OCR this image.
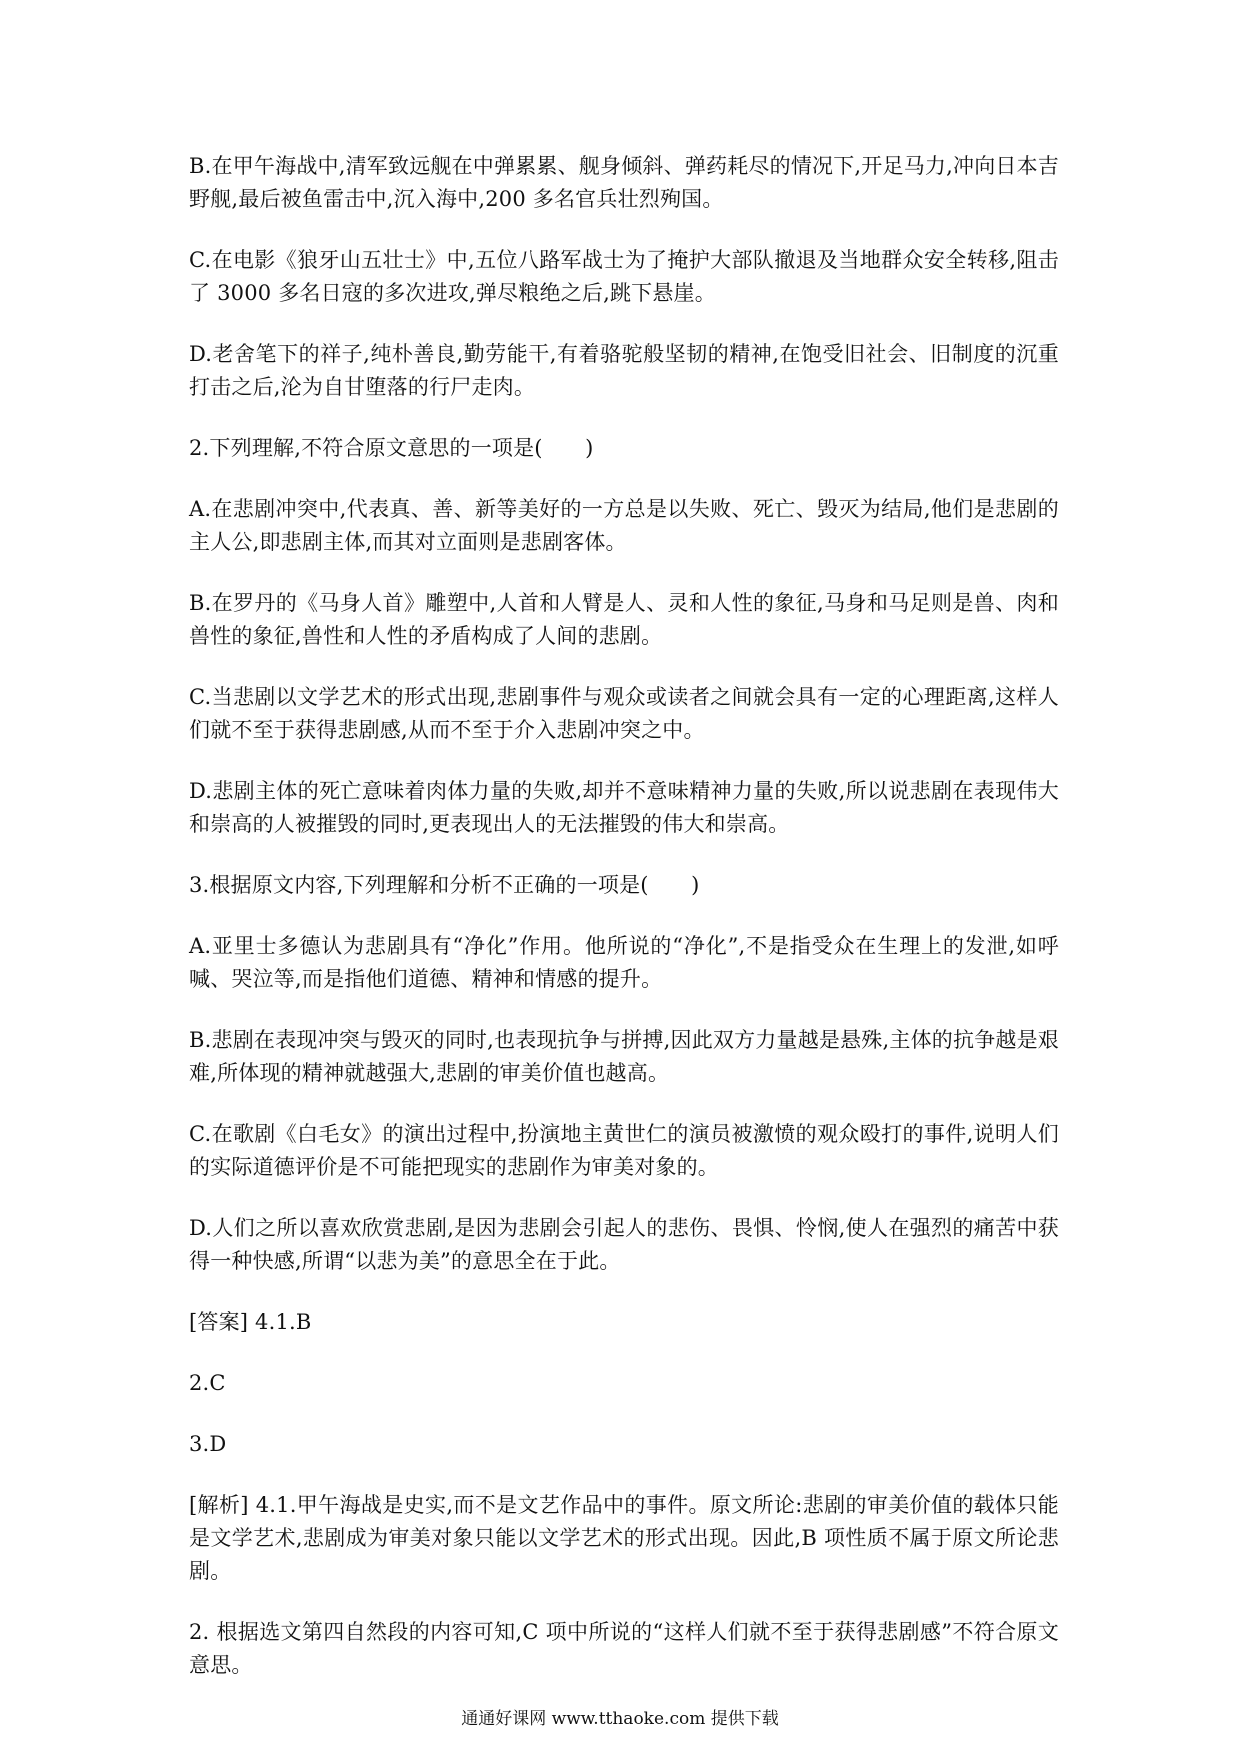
B.在甲午海战中,清军致远舰在中弹累累、舰身倾斜、弹药耗尽的情况下,开足马力,冲向日本吉野舰,最后被鱼雷击中,沉入海中,200 多名官兵壮烈殉国。

C.在电影《狼牙山五壮士》中,五位八路军战士为了掩护大部队撤退及当地群众安全转移,阻击了 3000 多名日寇的多次进攻,弹尽粮绝之后,跳下悬崖。

D.老舍笔下的祥子,纯朴善良,勤劳能干,有着骆驼般坚韧的精神,在饱受旧社会、旧制度的沉重打击之后,沦为自甘堕落的行尸走肉。

2.下列理解,不符合原文意思的一项是(　　)

A.在悲剧冲突中,代表真、善、新等美好的一方总是以失败、死亡、毁灭为结局,他们是悲剧的主人公,即悲剧主体,而其对立面则是悲剧客体。

B.在罗丹的《马身人首》雕塑中,人首和人臂是人、灵和人性的象征,马身和马足则是兽、肉和兽性的象征,兽性和人性的矛盾构成了人间的悲剧。

C.当悲剧以文学艺术的形式出现,悲剧事件与观众或读者之间就会具有一定的心理距离,这样人们就不至于获得悲剧感,从而不至于介入悲剧冲突之中。

D.悲剧主体的死亡意味着肉体力量的失败,却并不意味精神力量的失败,所以说悲剧在表现伟大和崇高的人被摧毁的同时,更表现出人的无法摧毁的伟大和崇高。

3.根据原文内容,下列理解和分析不正确的一项是(　　)

A.亚里士多德认为悲剧具有“净化”作用。他所说的“净化”,不是指受众在生理上的发泄,如呼喊、哭泣等,而是指他们道德、精神和情感的提升。

B.悲剧在表现冲突与毁灭的同时,也表现抗争与拼搏,因此双方力量越是悬殊,主体的抗争越是艰难,所体现的精神就越强大,悲剧的审美价值也越高。

C.在歌剧《白毛女》的演出过程中,扮演地主黄世仁的演员被激愤的观众殴打的事件,说明人们的实际道德评价是不可能把现实的悲剧作为审美对象的。

D.人们之所以喜欢欣赏悲剧,是因为悲剧会引起人的悲伤、畏惧、怜悯,使人在强烈的痛苦中获得一种快感,所谓“以悲为美”的意思全在于此。

[答案] 4.1.B

2.C

3.D

[解析] 4.1.甲午海战是史实,而不是文艺作品中的事件。原文所论:悲剧的审美价值的载体只能是文学艺术,悲剧成为审美对象只能以文学艺术的形式出现。因此,B 项性质不属于原文所论悲剧。

2. 根据选文第四自然段的内容可知,C 项中所说的“这样人们就不至于获得悲剧感”不符合原文意思。

通通好课网 www.tthaoke.com 提供下载
